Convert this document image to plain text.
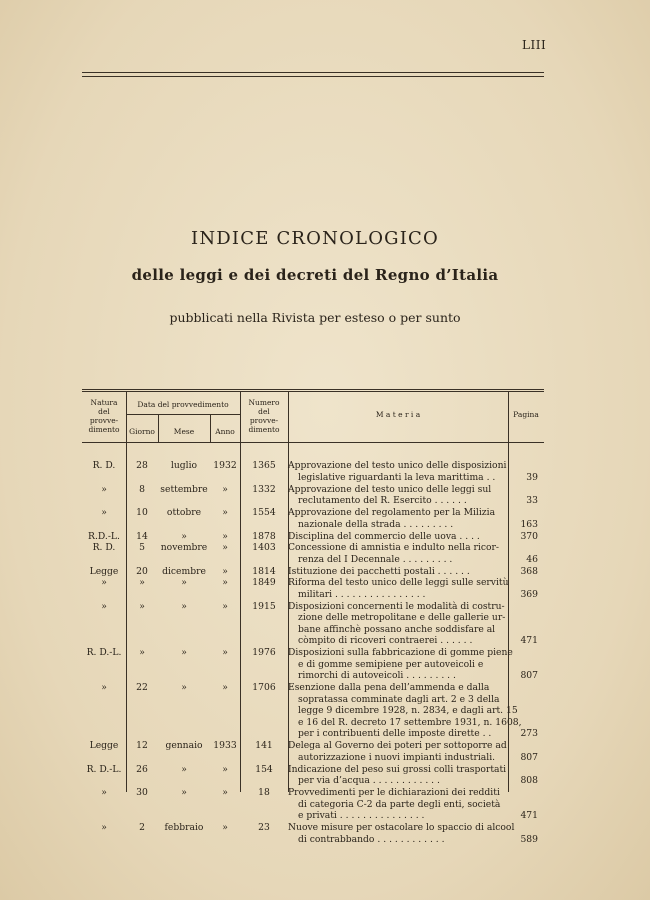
LIII
INDICE CRONOLOGICO
delle leggi e dei decreti del Regno d’Italia
pubblicati nella Rivista per esteso o per sunto
Natura
del
provve-
dimento
Data del provvedimento
Giorno	Mese	Anno
Numero
del
provve-
dimento
M a t e r i a	Pagina
R. D.	28	luglio	1932	1365	Approvazione del testo unico delle disposizioni
legislative riguardanti la leva marittima . .	39
»	8	settembre	»	1332	Approvazione del testo unico delle leggi sul
reclutamento del R. Esercito . . . . . .	33
»	10	ottobre	»	1554	Approvazione del regolamento per la Milizia
nazionale della strada . . . . . . . . .	163
R.D.-L.	14	»	»	1878	Disciplina del commercio delle uova . . . .	370
R. D.	5	novembre	»	1403	Concessione di amnistia e indulto nella ricor-
renza del I Decennale . . . . . . . . .	46
Legge	20	dicembre	»	1814	Istituzione dei pacchetti postali . . . . . .	368
»	»	»	»	1849	Riforma del testo unico delle leggi sulle servitù
militari . . . . . . . . . . . . . . . .	369
»	»	»	»	1915	Disposizioni concernenti le modalità di costru-
zione delle metropolitane e delle gallerie ur-
bane affinchè possano anche soddisfare al
còmpito di ricoveri contraerei . . . . . .	471
R. D.-L.	»	»	»	1976	Disposizioni sulla fabbricazione di gomme piene
e di gomme semipiene per autoveicoli e
rimorchi di autoveicoli . . . . . . . . .	807
»	22	»	»	1706	Esenzione dalla pena dell’ammenda e dalla
sopratassa comminate dagli art. 2 e 3 della
legge 9 dicembre 1928, n. 2834, e dagli art. 15
e 16 del R. decreto 17 settembre 1931, n. 1608,
per i contribuenti delle imposte dirette . .	273
Legge	12	gennaio	1933	141	Delega al Governo dei poteri per sottoporre ad
autorizzazione i nuovi impianti industriali.	807
R. D.-L.	26	»	»	154	Indicazione del peso sui grossi colli trasportati
per via d’acqua . . . . . . . . . . . .	808
»	30	»	»	18	Provvedimenti per le dichiarazioni dei redditi
di categoria C-2 da parte degli enti, società
e privati . . . . . . . . . . . . . . .	471
»	2	febbraio	»	23	Nuove misure per ostacolare lo spaccio di alcool
di contrabbando . . . . . . . . . . . .	589
